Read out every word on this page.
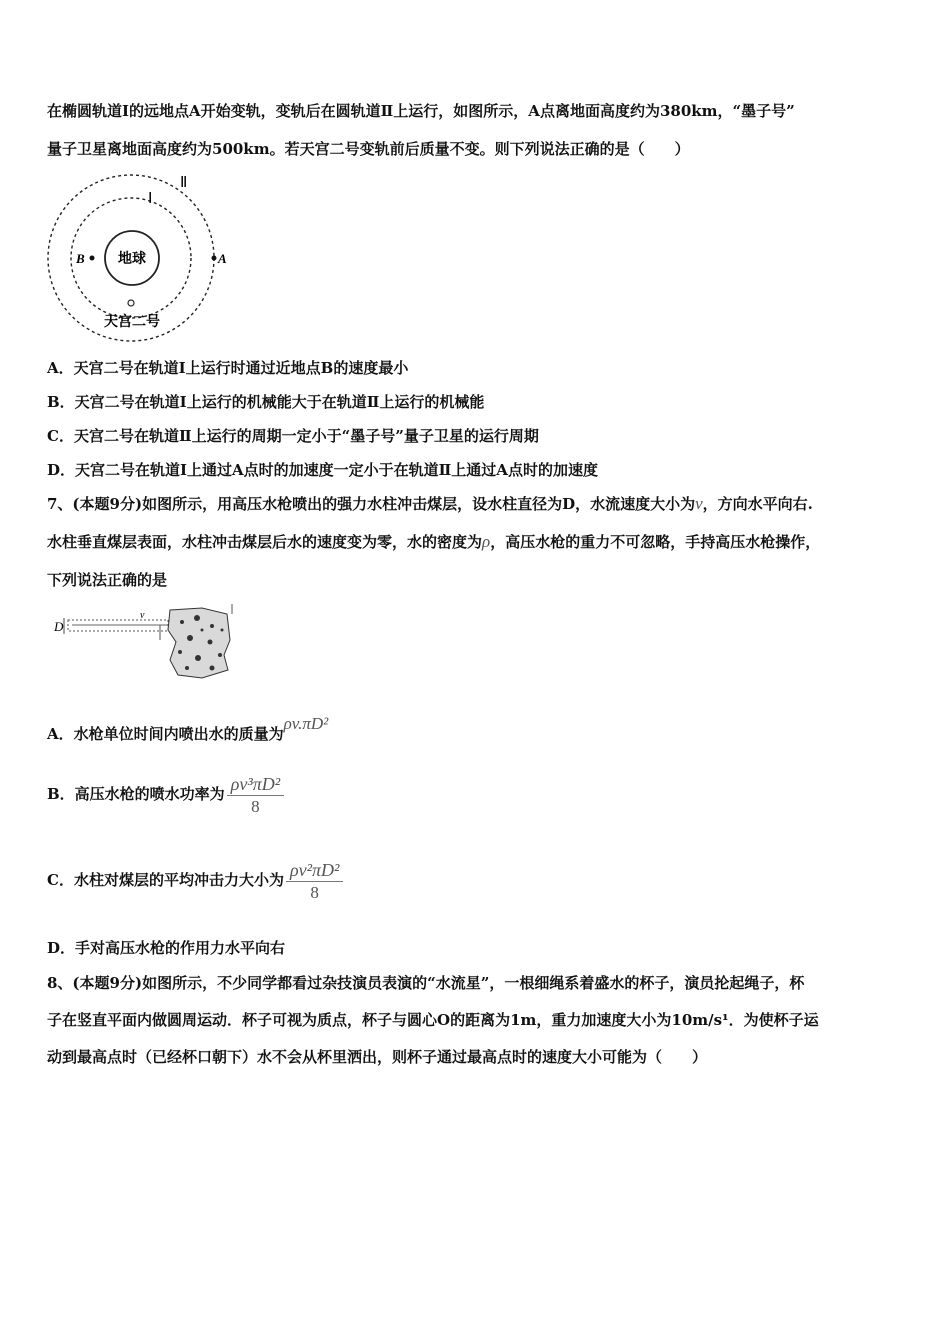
在椭圆轨道Ⅰ的远地点A开始变轨，变轨后在圆轨道Ⅱ上运行，如图所示，A点离地面高度约为380km，“墨子号”
量子卫星离地面高度约为500km。若天宫二号变轨前后质量不变。则下列说法正确的是（　　）
Ⅱ
Ⅰ
地球
B	A
天宫二号
A．天宫二号在轨道Ⅰ上运行时通过近地点B的速度最小
B．天宫二号在轨道Ⅰ上运行的机械能大于在轨道Ⅱ上运行的机械能
C．天宫二号在轨道Ⅱ上运行的周期一定小于“墨子号”量子卫星的运行周期
D．天宫二号在轨道Ⅰ上通过A点时的加速度一定小于在轨道Ⅱ上通过A点时的加速度
7、(本题9分)如图所示，用高压水枪喷出的强力水柱冲击煤层，设水柱直径为D，水流速度大小为v，方向水平向右.
水柱垂直煤层表面，水柱冲击煤层后水的速度变为零，水的密度为ρ，高压水枪的重力不可忽略，手持高压水枪操作，
下列说法正确的是
D
v
A．水枪单位时间内喷出水的质量为ρv.πD²
B．高压水枪的喷水功率为 $\frac{\text{ρv³πD²}}{8}$
C．水柱对煤层的平均冲击力大小为 $\frac{\text{ρv²πD²}}{8}$
D．手对高压水枪的作用力水平向右
8、(本题9分)如图所示，不少同学都看过杂技演员表演的“水流星”，一根细绳系着盛水的杯子，演员抡起绳子，杯
子在竖直平面内做圆周运动．杯子可视为质点，杯子与圆心O的距离为1m，重力加速度大小为10m/s¹．为使杯子运
动到最高点时（已经杯口朝下）水不会从杯里洒出，则杯子通过最高点时的速度大小可能为（　　）
